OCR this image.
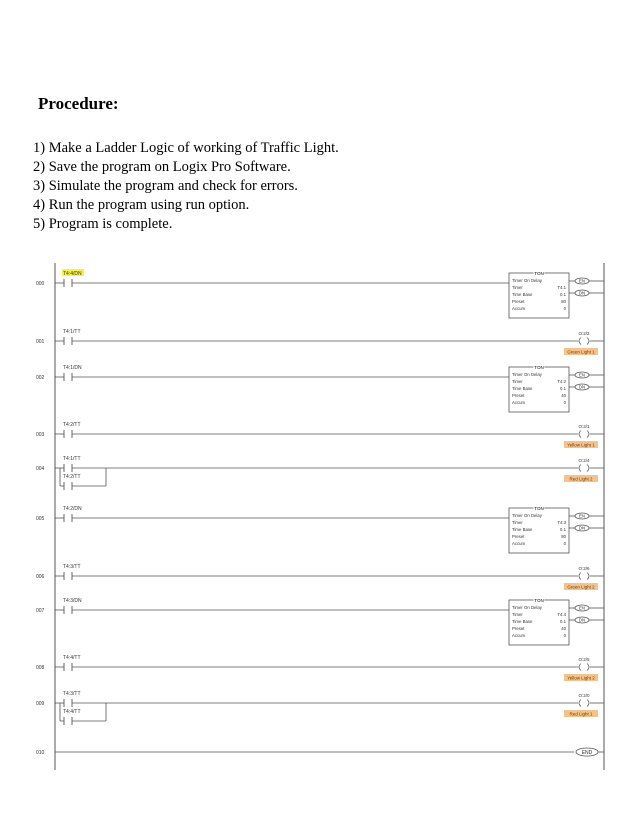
Procedure:
1) Make a Ladder Logic of working of Traffic Light.
2) Save the program on Logix Pro Software.
3) Simulate the program and check for errors.
4) Run the program using run option.
5) Program is complete.
000
T4:4/DN	TON
Timer On Delay
Timer	T4:1
Time Base	0.1
Preset	80
Accum	0
EN
DN
001
T4:1/TT	O:2/2
Green Light 1
002
T4:1/DN	TON
Timer On Delay
Timer	T4:2
Time Base	0.1
Preset	40
Accum	0
EN
DN
003
T4:2/TT	O:2/1
Yellow Light 1
004
T4:1/TT
T4:2/TT
O:2/4
Red Light 2
005
T4:2/DN	TON
Timer On Delay
Timer	T4:3
Time Base	0.1
Preset	80
Accum	0
EN
DN
006
T4:3/TT	O:2/6
Green Light 2
007
T4:3/DN	TON
Timer On Delay
Timer	T4:4
Time Base	0.1
Preset	40
Accum	0
EN
DN
008
T4:4/TT	O:2/5
Yellow Light 2
009
T4:3/TT
T4:4/TT
O:2/0
Red Light 1
010	END
